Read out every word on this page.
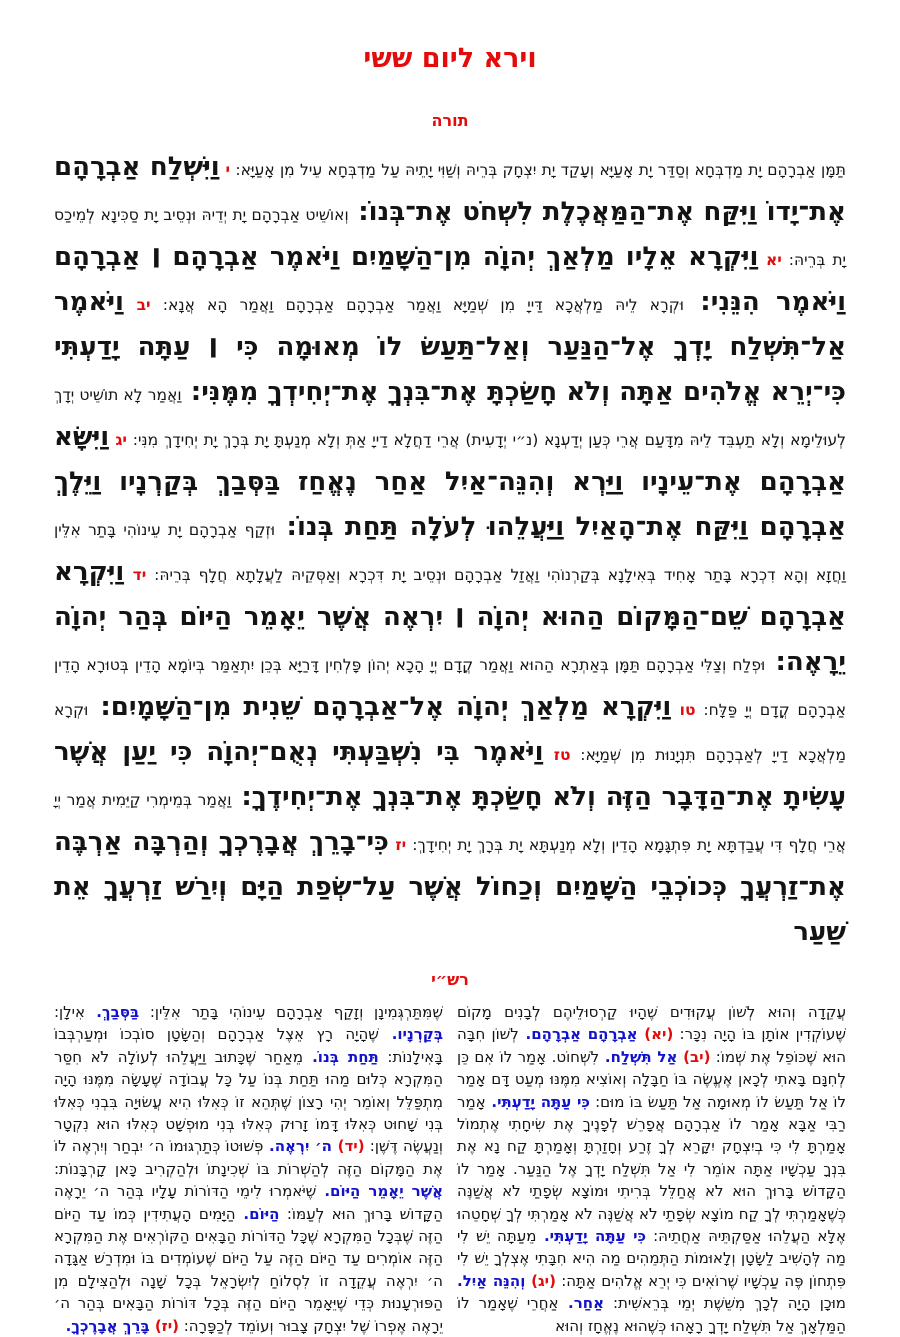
וירא ליום ששי
תורה
תַּמָּן אַבְרָהָם יָת מַדְבְּחָא וְסַדַּר יָת אָעַיָּא וְעָקַד יָת יִצְחָק בְּרֵיהּ וְשַׁוִּי יָתֵיהּ עַל מַדְבְּחָא עֵיל מִן אָעַיָּא: י וַיִּשְׁלַח אַבְרָהָם אֶת־יָדוֹ וַיִּקַּח אֶת־הַמַּאֲכֶלֶת לִשְׁחֹט אֶת־בְּנוֹ: וְאוֹשֵׁיט אַבְרָהָם יָת יְדֵיהּ וּנְסֵיב יָת סַכִּינָא לְמֵיכַס יָת בְּרֵיהּ: יא וַיִּקְרָא אֵלָיו מַלְאַךְ יְהוָֹה מִן־הַשָּׁמַיִם וַיֹּאמֶר אַבְרָהָם ׀ אַבְרָהָם וַיֹּאמֶר הִנֵּנִי: וּקְרָא לֵיהּ מַלְאֲכָא דַּייָ מִן שְׁמַיָּא וַאֲמַר אַבְרָהָם אַבְרָהָם וַאֲמַר הָא אֲנָא: יב וַיֹּאמֶר אַל־תִּשְׁלַח יָדְךָ אֶל־הַנַּעַר וְאַל־תַּעַשׂ לוֹ מְאוּמָה כִּי ׀ עַתָּה יָדַעְתִּי כִּי־יְרֵא אֱלֹהִים אַתָּה וְלֹא חָשַׂכְתָּ אֶת־בִּנְךָ אֶת־יְחִידְךָ מִמֶּנִּי: וַאֲמַר לָא תוֹשֵׁיט יְדָךְ לְעוּלֵימָא וְלָא תַעְבֵּד לֵיהּ מִדָּעַם אֲרֵי כְּעַן יְדַעְנָא (נ״י יְדָעִית) אֲרֵי דַחֲלָא דַייָ אַתְּ וְלָא מְנַעְתָּ יָת בְּרָךְ יָת יְחִידָךְ מִנִּי: יג וַיִּשָּׂא אַבְרָהָם אֶת־עֵינָיו וַיַּרְא וְהִנֵּה־אַיִל אַחַר נֶאֱחַז בַּסְּבַךְ בְּקַרְנָיו וַיֵּלֶךְ אַבְרָהָם וַיִּקַּח אֶת־הָאַיִל וַיַּעֲלֵהוּ לְעֹלָה תַּחַת בְּנוֹ: וּזְקַף אַבְרָהָם יָת עֵינוֹהִי בָּתַר אִלֵּין וַחֲזָא וְהָא דִכְרָא בָּתַר אָחִיד בְּאִילָנָא בְּקַרְנוֹהִי וַאֲזַל אַבְרָהָם וּנְסֵיב יָת דִּכְרָא וְאַסְּקֵיהּ לַעֲלָתָא חֲלָף בְּרֵיהּ: יד וַיִּקְרָא אַבְרָהָם שֵׁם־הַמָּקוֹם הַהוּא יְהוָֹה ׀ יִרְאֶה אֲשֶׁר יֵאָמֵר הַיּוֹם בְּהַר יְהוָֹה יֵרָאֶה: וּפְלַח וְצַלִּי אַבְרָהָם תַּמָּן בְּאַתְרָא הַהוּא וַאֲמַר קֳדָם יְיָ הָכָא יְהוֹן פָּלְחִין דָּרַיָּא בְּכֵן יִתְאַמַּר בְּיוֹמָא הָדֵין בְּטוּרָא הָדֵין אַבְרָהָם קֳדָם יְיָ פַּלָּח: טו וַיִּקְרָא מַלְאַךְ יְהוָֹה אֶל־אַבְרָהָם שֵׁנִית מִן־הַשָּׁמָיִם: וּקְרָא מַלְאֲכָא דַייָ לְאַבְרָהָם תִּנְיָנוּת מִן שְׁמַיָּא: טז וַיֹּאמֶר בִּי נִשְׁבַּעְתִּי נְאֻם־יְהוָֹה כִּי יַעַן אֲשֶׁר עָשִׂיתָ אֶת־הַדָּבָר הַזֶּה וְלֹא חָשַׂכְתָּ אֶת־בִּנְךָ אֶת־יְחִידֶךָ: וַאֲמַר בְּמֵימְרִי קַיֵּמִית אֲמַר יְיָ אֲרֵי חֲלָף דִּי עֲבַדְתָּא יָת פִּתְגָּמָא הָדֵין וְלָא מְנַעְתָּא יָת בְּרָךְ יָת יְחִידָךְ: יז כִּי־בָרֵךְ אֲבָרֶכְךָ וְהַרְבָּה אַרְבֶּה אֶת־זַרְעֲךָ כְּכוֹכְבֵי הַשָּׁמַיִם וְכַחוֹל אֲשֶׁר עַל־שְׂפַת הַיָּם וְיִרַשׁ זַרְעֲךָ אֵת שַׁעַר
רש״י
עֲקֵדָה וְהוּא לְשׁוֹן עֲקוּדִים שֶׁהָיוּ קַרְסוּלֵיהֶם לְבָנִים מָקוֹם שֶׁעוֹקְדִין אוֹתָן בּוֹ הָיָה נִכָּר: (יא) אַבְרָהָם אַבְרָהָם. לְשׁוֹן חִבָּה הוּא שֶׁכּוֹפֵל אֶת שְׁמוֹ: (יב) אַל תִּשְׁלַח. לִשְׁחוֹט. אָמַר לוֹ אִם כֵּן לְחִנָּם בָּאתִי לְכָאן אֶעֱשֶׂה בּוֹ חַבָּלָה וְאוֹצִיא מִמֶּנּוּ מְעַט דָּם אָמַר לוֹ אַל תַּעַשׂ לוֹ מְאוּמָה אַל תַּעַשׂ בּוֹ מוּם: כִּי עַתָּה יָדַעְתִּי. אָמַר רַבִּי אַבָּא אָמַר לוֹ אַבְרָהָם אֲפָרֵשׁ לְפָנֶיךָ אֶת שִׂיחָתִי אֶתְמוֹל אָמַרְתָּ לִי כִּי בְיִצְחָק יִקָּרֵא לְךָ זֶרַע וְחָזַרְתָּ וְאָמַרְתָּ קַח נָא אֶת בִּנְךָ עַכְשָׁיו אַתָּה אוֹמֵר לִי אַל תִּשְׁלַח יָדְךָ אֶל הַנַּעַר. אָמַר לוֹ הַקָּדוֹשׁ בָּרוּךְ הוּא לֹא אֲחַלֵּל בְּרִיתִי וּמוֹצָא שְׂפָתַי לֹא אֲשַׁנֶּה כְּשֶׁאָמַרְתִּי לְךָ קַח מוֹצָא שְׂפָתַי לֹא אֲשַׁנֶּה לֹא אָמַרְתִּי לְךָ שְׁחָטֵהוּ אֶלָּא הַעֲלֵהוּ אַסַּקְתֵּיהּ אַחֲתֵיהּ: כִּי עַתָּה יָדַעְתִּי. מֵעַתָּה יֵשׁ לִי מַה לְּהָשִׁיב לַשָּׂטָן וְלָאוּמוֹת הַתְּמֵהִים מַה הִיא חִבָּתִי אֶצְלְךָ יֵשׁ לִי פִּתְחוֹן פֶּה עַכְשָׁיו שֶׁרוֹאִים כִּי יְרֵא אֱלֹהִים אַתָּה: (יג) וְהִנֵּה אַיִל. מוּכָן הָיָה לְכָךְ מִשֵּׁשֶׁת יְמֵי בְּרֵאשִׁית: אַחַר. אַחֲרֵי שֶׁאָמַר לוֹ הַמַּלְאָךְ אַל תִּשְׁלַח יָדְךָ רָאָהוּ כְּשֶׁהוּא נֶאֱחָז וְהוּא
שֶׁמִּתַּרְגְּמִינָן וְזָקַף אַבְרָהָם עֵינוֹהִי בָּתַר אִלֵּין: בַּסְּבַךְ. אִילָן: בְּקַרְנָיו. שֶׁהָיָה רָץ אֵצֶל אַבְרָהָם וְהַשָּׂטָן סוֹבְכוֹ וּמְעַרְבְּבוֹ בָּאִילָנוֹת: תַּחַת בְּנוֹ. מֵאַחַר שֶׁכָּתוּב וַיַּעֲלֵהוּ לְעוֹלָה לֹא חִסַּר הַמִּקְרָא כְּלוּם מַהוּ תַּחַת בְּנוֹ עַל כָּל עֲבוֹדָה שֶׁעָשָׂה מִמֶּנּוּ הָיָה מִתְפַּלֵּל וְאוֹמֵר יְהִי רָצוֹן שֶׁתְּהֵא זוֹ כְּאִלּוּ הִיא עֲשׂוּיָה בִּבְנִי כְּאִלּוּ בְּנִי שָׁחוּט כְּאִלּוּ דָּמוֹ זָרוּק כְּאִלּוּ בְּנִי מוּפְשָׁט כְּאִלּוּ הוּא נִקְטָר וְנַעֲשֶׂה דֶּשֶׁן: (יד) ה׳ יִרְאֶה. פְּשׁוּטוֹ כְּתַרְגּוּמוֹ ה׳ יִבְחַר וְיִרְאֶה לוֹ אֶת הַמָּקוֹם הַזֶּה לְהַשְׁרוֹת בּוֹ שְׁכִינָתוֹ וּלְהַקְרִיב כָּאן קָרְבָּנוֹת: אֲשֶׁר יֵאָמֵר הַיּוֹם. שֶׁיֹּאמְרוּ לִימֵי הַדּוֹרוֹת עָלָיו בְּהַר ה׳ יֵרָאֶה הַקָּדוֹשׁ בָּרוּךְ הוּא לְעַמּוֹ: הַיּוֹם. הַיָּמִים הָעֲתִידִין כְּמוֹ עַד הַיּוֹם הַזֶּה שֶׁבְּכָל הַמִּקְרָא שֶׁכָּל הַדּוֹרוֹת הַבָּאִים הַקּוֹרְאִים אֶת הַמִּקְרָא הַזֶּה אוֹמְרִים עַד הַיּוֹם הַזֶּה עַל הַיּוֹם שֶׁעוֹמְדִים בּוֹ וּמִדְרַשׁ אַגָּדָה ה׳ יִרְאֶה עֲקֵדָה זוֹ לִסְלוֹחַ לְיִשְׂרָאֵל בְּכָל שָׁנָה וּלְהַצִּילָם מִן הַפּוּרְעָנוּת כְּדֵי שֶׁיֵּאָמֵר הַיּוֹם הַזֶּה בְּכָל דּוֹרוֹת הַבָּאִים בְּהַר ה׳ יֵרָאֶה אֶפְרוֹ שֶׁל יִצְחָק צָבוּר וְעוֹמֵד לְכַפָּרָה: (יז) בָּרֵךְ אֲבָרֶכְךָ.
